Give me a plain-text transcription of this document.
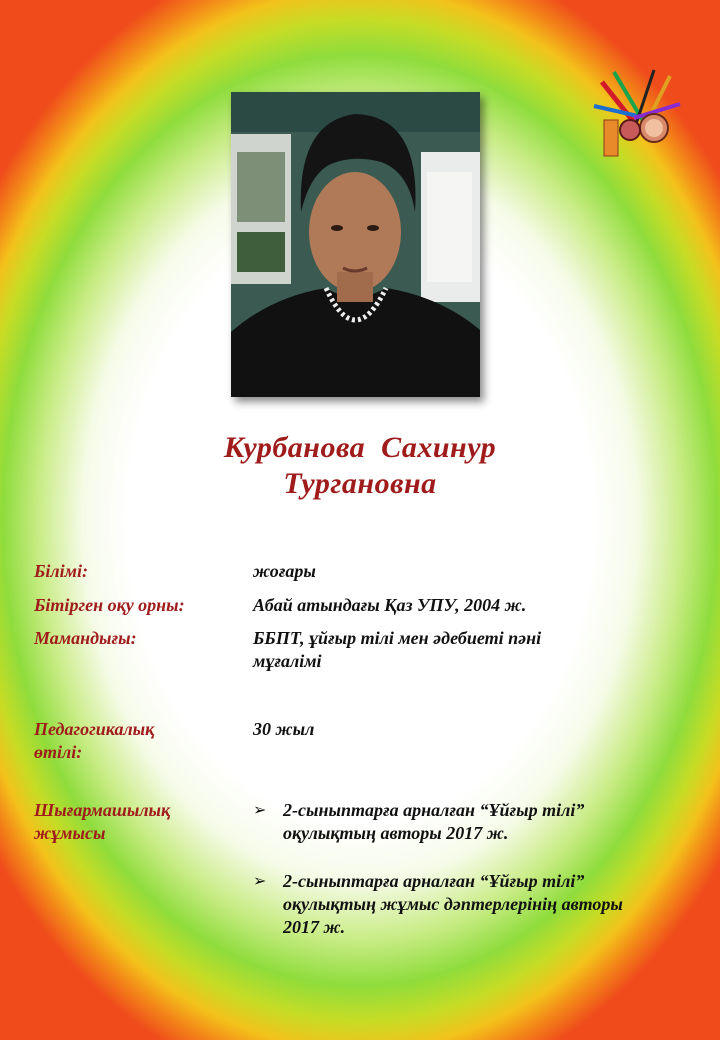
Курбанова Сахинур
Тургановна
Білімі:	жоғары
Бітірген оқу орны:	Абай атындағы Қаз УПУ, 2004 ж.
Мамандығы:	ББПТ, ұйғыр тілі мен әдебиеті пәні мұғалімі
Педагогикалық өтілі:
30 жыл
Шығармашылық жұмысы
➢ 2-сыныптарға арналған “Ұйғыр тілі” оқулықтың авторы 2017 ж.
➢ 2-сыныптарға арналған “Ұйғыр тілі” оқулықтың жұмыс дәптерлерінің авторы 2017 ж.
